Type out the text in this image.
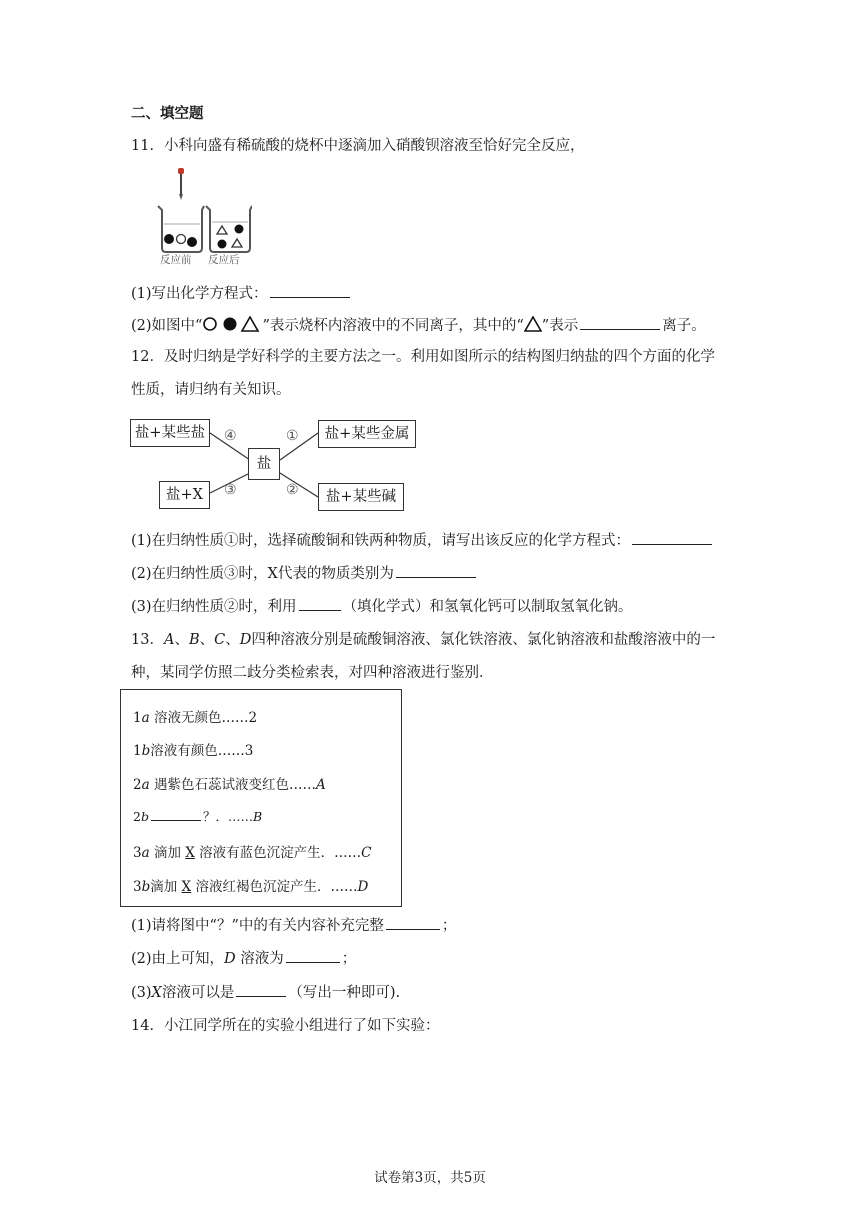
二、填空题
11．小科向盛有稀硫酸的烧杯中逐滴加入硝酸钡溶液至恰好完全反应，
反应前 反应后
(1)写出化学方程式：
(2)如图中“	”表示烧杯内溶液中的不同离子，其中的“ ”表示	离子。
12．及时归纳是学好科学的主要方法之一。利用如图所示的结构图归纳盐的四个方面的化学
性质，请归纳有关知识。
盐+某些盐
盐+X
盐
盐+某些金属
盐+某些碱
④
③
①
②
(1)在归纳性质①时，选择硫酸铜和铁两种物质，请写出该反应的化学方程式：
(2)在归纳性质③时，X代表的物质类别为
(3)在归纳性质②时，利用	（填化学式）和氢氧化钙可以制取氢氧化钠。
13．A、B、C、D四种溶液分别是硫酸铜溶液、氯化铁溶液、氯化钠溶液和盐酸溶液中的一
种，某同学仿照二歧分类检索表，对四种溶液进行鉴别．
1a 溶液无颜色……2
1b溶液有颜色……3
2a 遇紫色石蕊试液变红色……A
2b	？．……B
3a 滴加 X 溶液有蓝色沉淀产生．……C
3b滴加 X 溶液红褐色沉淀产生．……D
(1)请将图中“？”中的有关内容补充完整	；
(2)由上可知，D 溶液为	；
(3)X溶液可以是	（写出一种即可).
14．小江同学所在的实验小组进行了如下实验：
试卷第3页，共5页
